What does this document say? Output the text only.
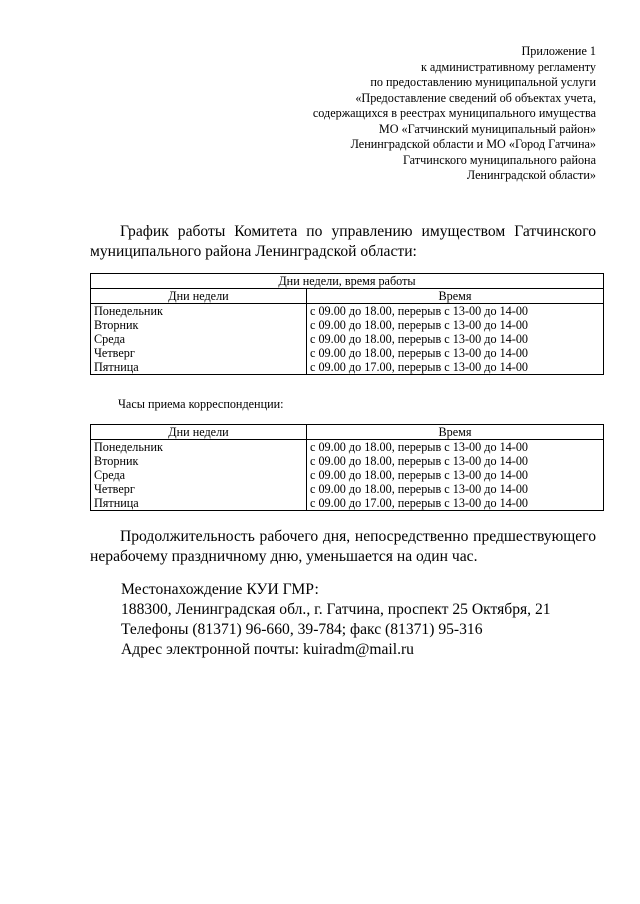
Приложение 1
к административному регламенту
по предоставлению муниципальной услуги
«Предоставление сведений об объектах учета,
содержащихся в реестрах муниципального имущества
МО «Гатчинский муниципальный район»
Ленинградской области и МО «Город Гатчина»
Гатчинского муниципального района
Ленинградской области»
График работы Комитета по управлению имуществом Гатчинского
муниципального района Ленинградской области:
Дни недели, время работы	
Дни недели	Время
Понедельник	с 09.00 до 18.00, перерыв с 13-00 до 14-00
Вторник	с 09.00 до 18.00, перерыв с 13-00 до 14-00
Среда	с 09.00 до 18.00, перерыв с 13-00 до 14-00
Четверг	с 09.00 до 18.00, перерыв с 13-00 до 14-00
Пятница	с 09.00 до 17.00, перерыв с 13-00 до 14-00
Часы приема корреспонденции:
Дни недели	Время
Понедельник	с 09.00 до 18.00, перерыв с 13-00 до 14-00
Вторник	с 09.00 до 18.00, перерыв с 13-00 до 14-00
Среда	с 09.00 до 18.00, перерыв с 13-00 до 14-00
Четверг	с 09.00 до 18.00, перерыв с 13-00 до 14-00
Пятница	с 09.00 до 17.00, перерыв с 13-00 до 14-00
Продолжительность рабочего дня, непосредственно предшествующего
нерабочему праздничному дню, уменьшается на один час.
Местонахождение КУИ ГМР:
188300, Ленинградская обл., г. Гатчина, проспект 25 Октября, 21
Телефоны (81371) 96-660, 39-784; факс (81371) 95-316
Адрес электронной почты: kuiradm@mail.ru
